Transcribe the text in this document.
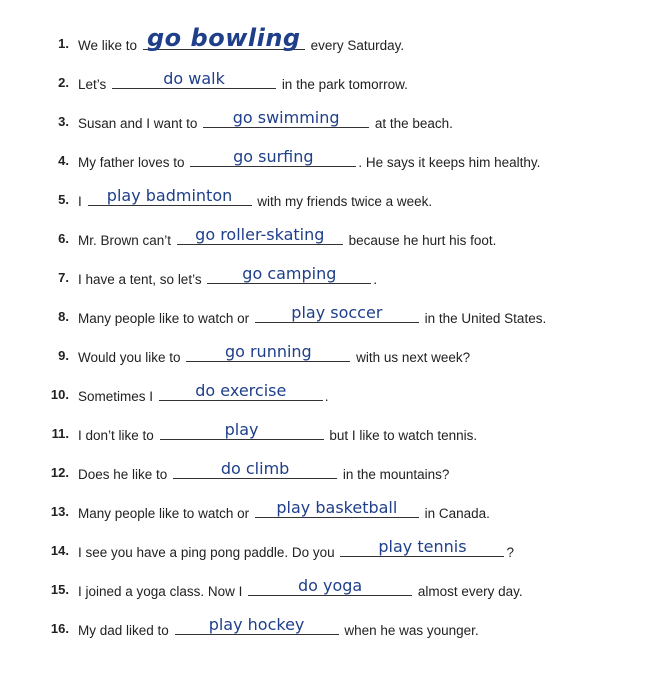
1. We like to go bowling every Saturday.
2. Let’s	do walk	in the park tomorrow.
3. Susan and I want to	go swimming	at the beach.
4. My father loves to	go surfing	. He says it keeps him healthy.
5. I	play badminton	with my friends twice a week.
6. Mr. Brown can’t	go roller-skating	because he hurt his foot.
7. I have a tent, so let’s	go camping	.
8. Many people like to watch or	play soccer	in the United States.
9. Would you like to	go running	with us next week?
10. Sometimes I	do exercise	.
11. I don’t like to	play	but I like to watch tennis.
12. Does he like to	do climb	in the mountains?
13. Many people like to watch or	play basketball	in Canada.
14. I see you have a ping pong paddle. Do you	play tennis	?
15. I joined a yoga class. Now I	do yoga	almost every day.
16. My dad liked to	play hockey	when he was younger.
